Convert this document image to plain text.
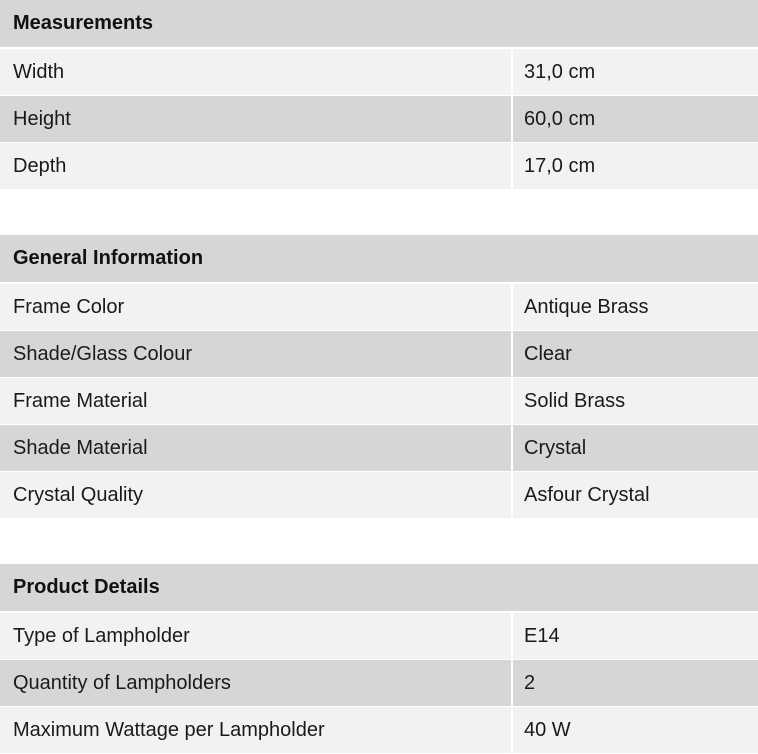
Measurements	
Width	31,0 cm
Height	60,0 cm
Depth	17,0 cm
General Information	
Frame Color	Antique Brass
Shade/Glass Colour	Clear
Frame Material	Solid Brass
Shade Material	Crystal
Crystal Quality	Asfour Crystal
Product Details	
Type of Lampholder	E14
Quantity of Lampholders	2
Maximum Wattage per Lampholder	40 W
